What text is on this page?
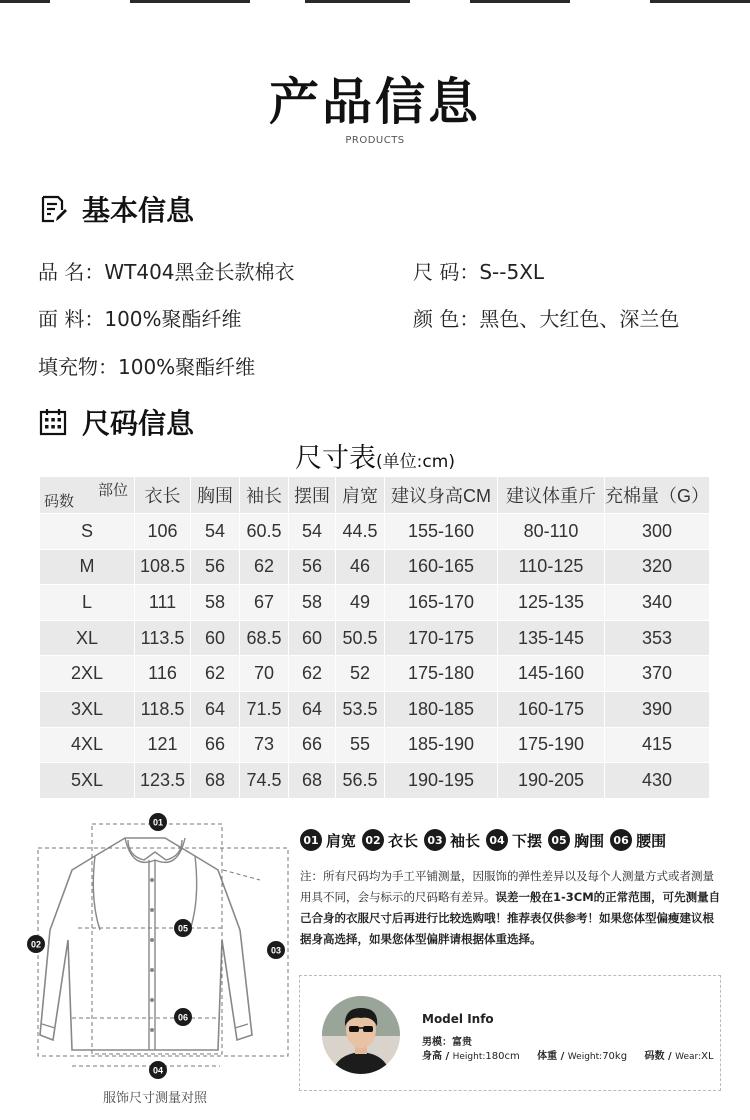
产品信息
PRODUCTS
基本信息
品 名：WT404黑金长款棉衣	尺 码：S--5XL
面 料：100%聚酯纤维	颜 色：黑色、大红色、深兰色
填充物：100%聚酯纤维
尺码信息
尺寸表(单位:cm)
部位
码数	衣长	胸围	袖长	摆围	肩宽	建议身高CM	建议体重斤	充棉量（G）
S	106	54	60.5	54	44.5	155-160	80-110	300
M	108.5	56	62	56	46	160-165	110-125	320
L	111	58	67	58	49	165-170	125-135	340
XL	113.5	60	68.5	60	50.5	170-175	135-145	353
2XL	116	62	70	62	52	175-180	145-160	370
3XL	118.5	64	71.5	64	53.5	180-185	160-175	390
4XL	121	66	73	66	55	185-190	175-190	415
5XL	123.5	68	74.5	68	56.5	190-195	190-205	430
01
02
03
04
05
06
服饰尺寸测量对照
01 肩宽 02 衣长 03 袖长 04 下摆 05 胸围 06 腰围
注：所有尺码均为手工平铺测量，因服饰的弹性差异以及每个人测量方式或者测量用具不同，会与标示的尺码略有差异。误差一般在1-3CM的正常范围，可先测量自己合身的衣服尺寸后再进行比较选购哦！推荐表仅供参考！如果您体型偏瘦建议根据身高选择，如果您体型偏胖请根据体重选择。
Model Info
男模：富贵
身高 / Height:180cm 体重 / Weight:70kg 码数 / Wear:XL
